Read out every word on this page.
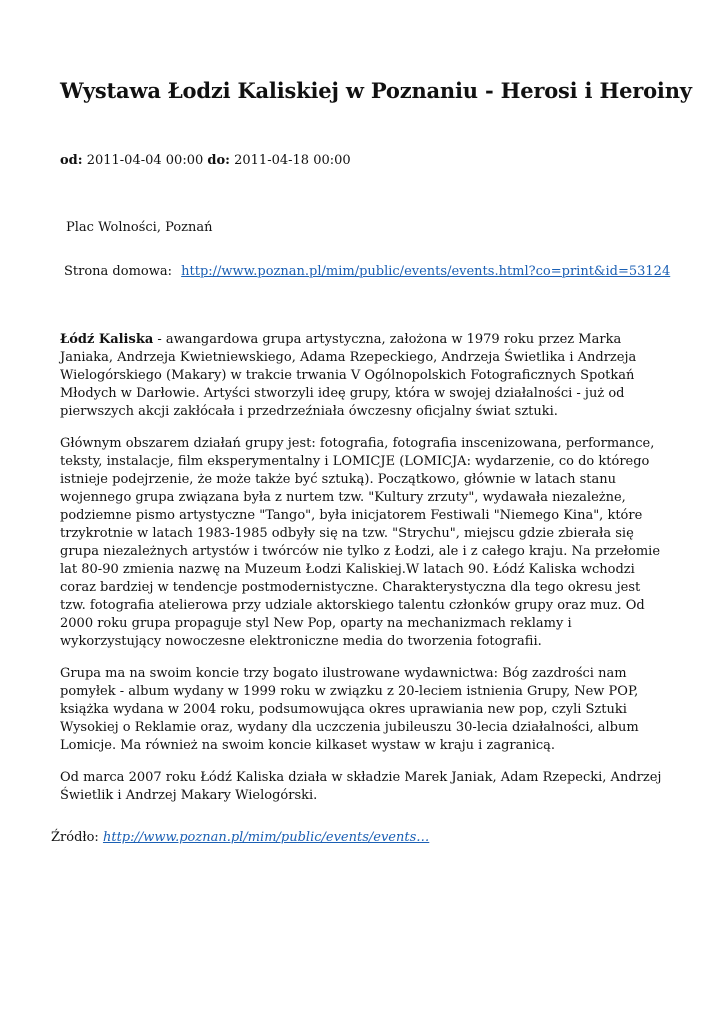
Wystawa Łodzi Kaliskiej w Poznaniu - Herosi i Heroiny
od: 2011-04-04 00:00 do: 2011-04-18 00:00
Plac Wolności, Poznań
Strona domowa: http://www.poznan.pl/mim/public/events/events.html?co=print&id=53124

Łódź Kaliska - awangardowa grupa artystyczna, założona w 1979 roku przez Marka Janiaka, Andrzeja Kwietniewskiego, Adama Rzepeckiego, Andrzeja Świetlika i Andrzeja Wielogórskiego (Makary) w trakcie trwania V Ogólnopolskich Fotograficznych Spotkań Młodych w Darłowie. Artyści stworzyli ideę grupy, która w swojej działalności - już od pierwszych akcji zakłócała i przedrzeźniała ówczesny oficjalny świat sztuki.

Głównym obszarem działań grupy jest: fotografia, fotografia inscenizowana, performance, teksty, instalacje, film eksperymentalny i LOMICJE (LOMICJA: wydarzenie, co do którego istnieje podejrzenie, że może także być sztuką). Początkowo, głównie w latach stanu wojennego grupa związana była z nurtem tzw. "Kultury zrzuty", wydawała niezależne, podziemne pismo artystyczne "Tango", była inicjatorem Festiwali "Niemego Kina", które trzykrotnie w latach 1983-1985 odbyły się na tzw. "Strychu", miejscu gdzie zbierała się grupa niezależnych artystów i twórców nie tylko z Łodzi, ale i z całego kraju. Na przełomie lat 80-90 zmienia nazwę na Muzeum Łodzi Kaliskiej.W latach 90. Łódź Kaliska wchodzi coraz bardziej w tendencje postmodernistyczne. Charakterystyczna dla tego okresu jest tzw. fotografia atelierowa przy udziale aktorskiego talentu członków grupy oraz muz. Od 2000 roku grupa propaguje styl New Pop, oparty na mechanizmach reklamy i wykorzystujący nowoczesne elektroniczne media do tworzenia fotografii.

Grupa ma na swoim koncie trzy bogato ilustrowane wydawnictwa: Bóg zazdrości nam pomyłek - album wydany w 1999 roku w związku z 20-leciem istnienia Grupy, New POP, książka wydana w 2004 roku, podsumowująca okres uprawiania new pop, czyli Sztuki Wysokiej o Reklamie oraz, wydany dla uczczenia jubileuszu 30-lecia działalności, album Lomicje. Ma również na swoim koncie kilkaset wystaw w kraju i zagranicą.

Od marca 2007 roku Łódź Kaliska działa w składzie Marek Janiak, Adam Rzepecki, Andrzej Świetlik i Andrzej Makary Wielogórski.

Źródło: http://www.poznan.pl/mim/public/events/events…
